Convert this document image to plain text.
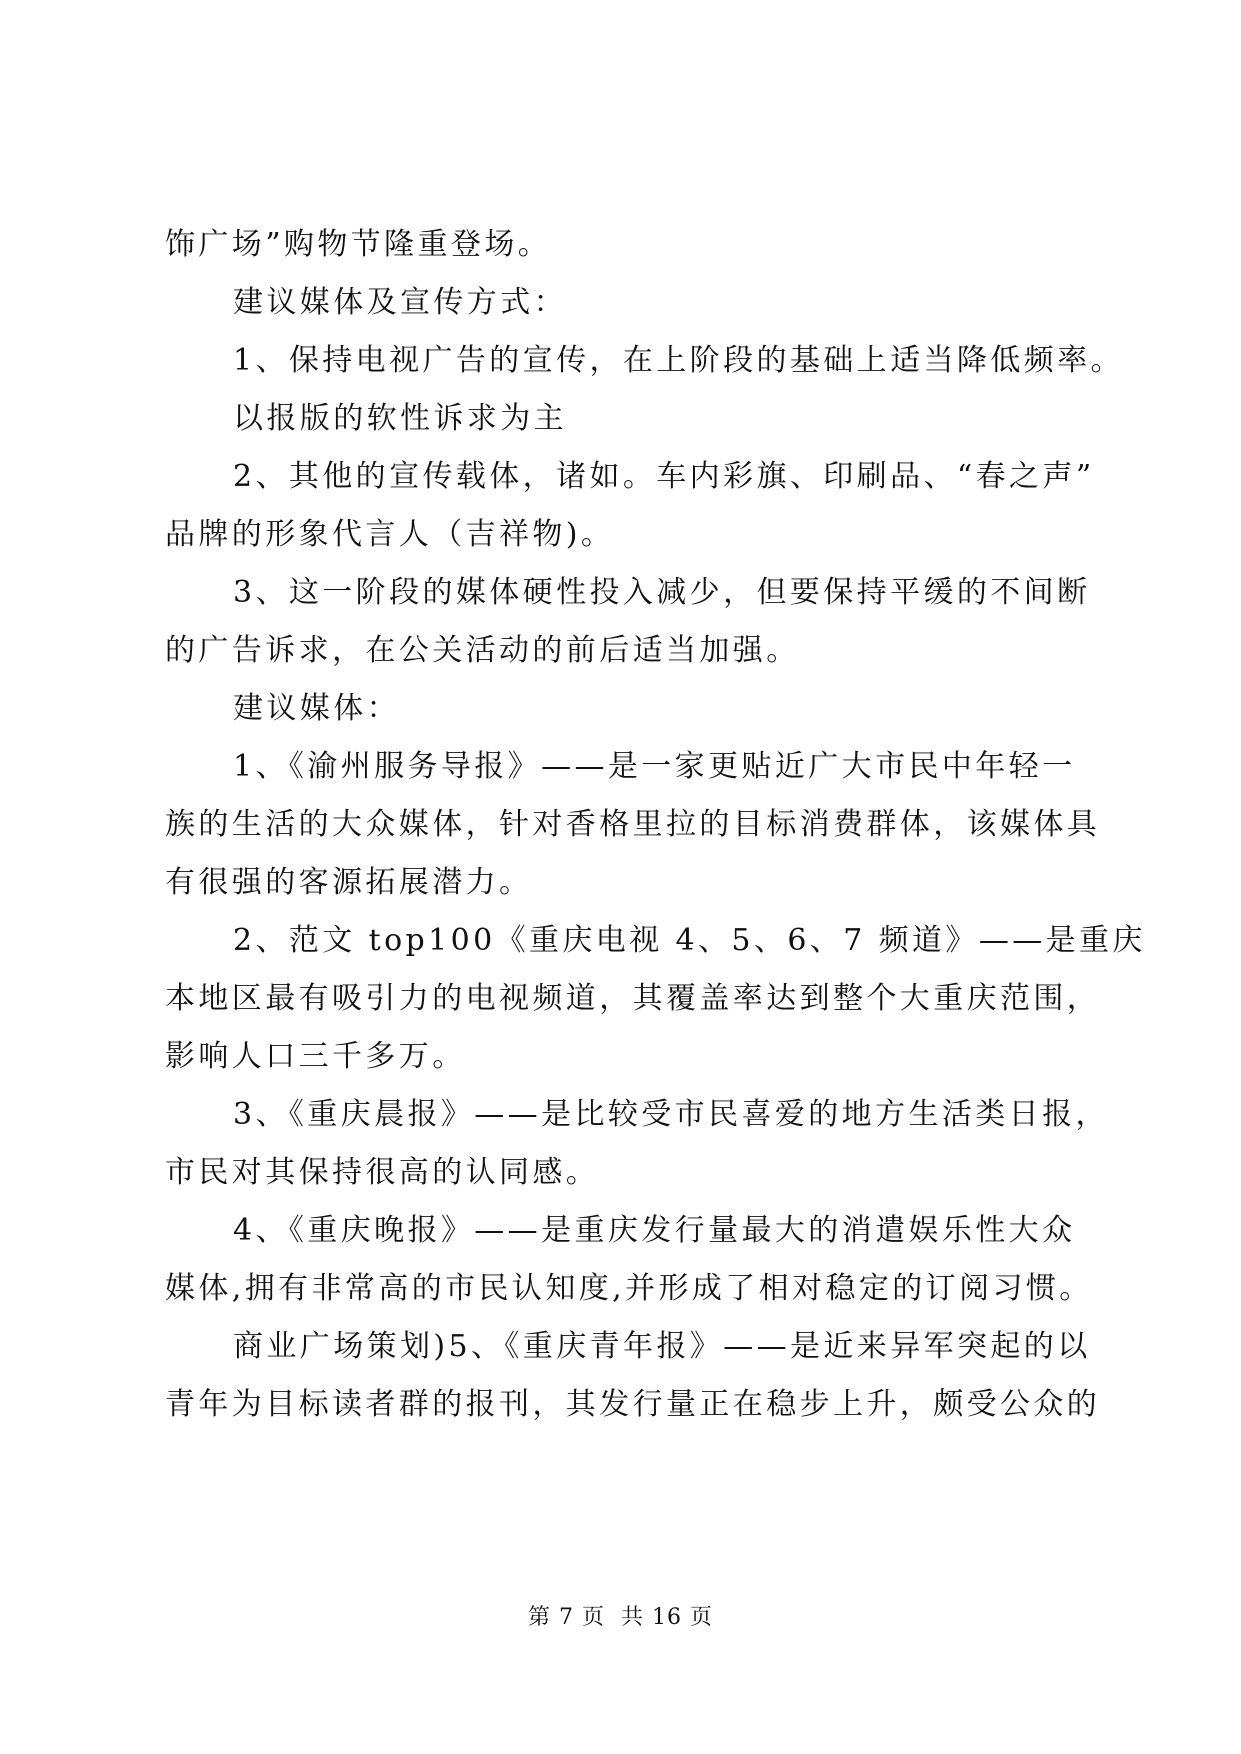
饰广场”购物节隆重登场。
建议媒体及宣传方式：
1、保持电视广告的宣传，在上阶段的基础上适当降低频率。
以报版的软性诉求为主
2、其他的宣传载体，诸如。车内彩旗、印刷品、“春之声”
品牌的形象代言人（吉祥物)。
3、这一阶段的媒体硬性投入减少，但要保持平缓的不间断
的广告诉求，在公关活动的前后适当加强。
建议媒体：
1、《渝州服务导报》——是一家更贴近广大市民中年轻一
族的生活的大众媒体，针对香格里拉的目标消费群体，该媒体具
有很强的客源拓展潜力。
2、范文 top100《重庆电视 4、5、6、7 频道》——是重庆
本地区最有吸引力的电视频道，其覆盖率达到整个大重庆范围，
影响人口三千多万。
3、《重庆晨报》——是比较受市民喜爱的地方生活类日报，
市民对其保持很高的认同感。
4、《重庆晚报》——是重庆发行量最大的消遣娱乐性大众
媒体,拥有非常高的市民认知度,并形成了相对稳定的订阅习惯。
商业广场策划)5、《重庆青年报》——是近来异军突起的以
青年为目标读者群的报刊，其发行量正在稳步上升，颇受公众的
第 7 页 共 16 页
